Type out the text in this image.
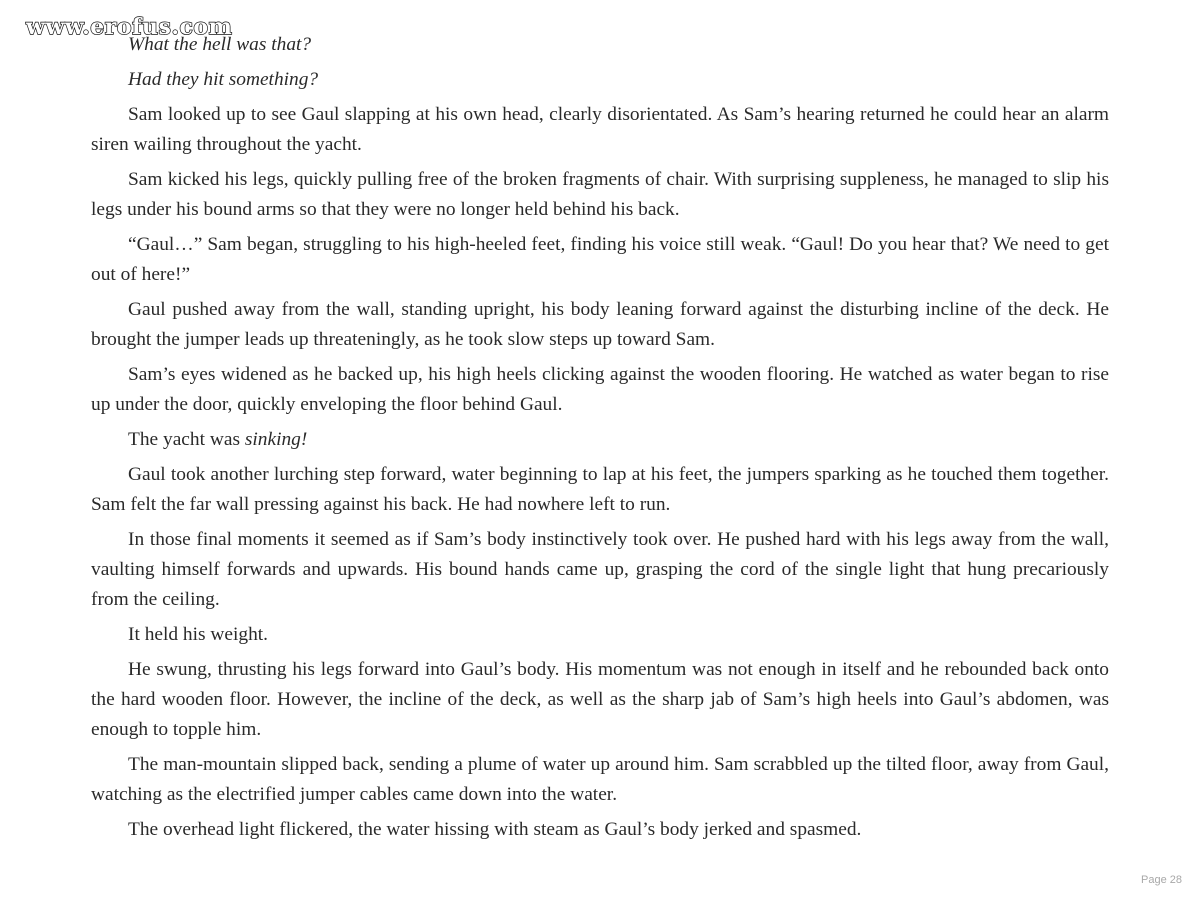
www.erofus.com

What the hell was that?

Had they hit something?

Sam looked up to see Gaul slapping at his own head, clearly disorientated. As Sam’s hearing returned he could hear an alarm siren wailing throughout the yacht.

Sam kicked his legs, quickly pulling free of the broken fragments of chair. With surprising suppleness, he managed to slip his legs under his bound arms so that they were no longer held behind his back.

“Gaul…” Sam began, struggling to his high-heeled feet, finding his voice still weak. “Gaul! Do you hear that? We need to get out of here!”

Gaul pushed away from the wall, standing upright, his body leaning forward against the disturbing incline of the deck. He brought the jumper leads up threateningly, as he took slow steps up toward Sam.

Sam’s eyes widened as he backed up, his high heels clicking against the wooden flooring. He watched as water began to rise up under the door, quickly enveloping the floor behind Gaul.

The yacht was sinking!

Gaul took another lurching step forward, water beginning to lap at his feet, the jumpers sparking as he touched them together. Sam felt the far wall pressing against his back. He had nowhere left to run.

In those final moments it seemed as if Sam’s body instinctively took over. He pushed hard with his legs away from the wall, vaulting himself forwards and upwards. His bound hands came up, grasping the cord of the single light that hung precariously from the ceiling.

It held his weight.

He swung, thrusting his legs forward into Gaul’s body. His momentum was not enough in itself and he rebounded back onto the hard wooden floor. However, the incline of the deck, as well as the sharp jab of Sam’s high heels into Gaul’s abdomen, was enough to topple him.

The man-mountain slipped back, sending a plume of water up around him. Sam scrabbled up the tilted floor, away from Gaul, watching as the electrified jumper cables came down into the water.

The overhead light flickered, the water hissing with steam as Gaul’s body jerked and spasmed.

Page 28
